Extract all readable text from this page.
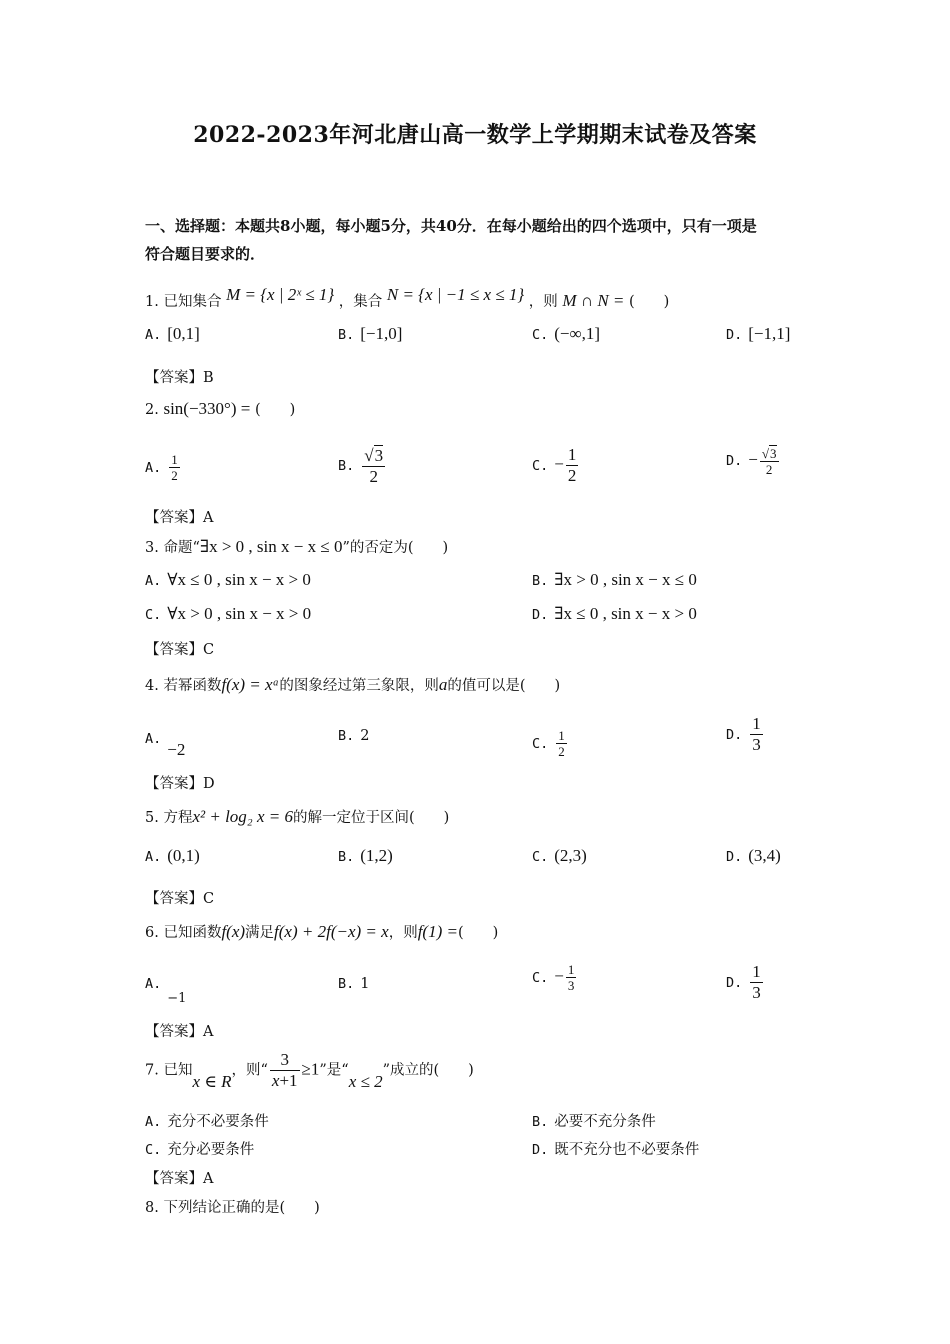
2022-2023年河北唐山高一数学上学期期末试卷及答案
一、选择题：本题共8小题，每小题5分，共40分．在每小题给出的四个选项中，只有一项是
符合题目要求的．
1. 已知集合 M = {x | 2ˣ ≤ 1} ，集合 N = {x | −1 ≤ x ≤ 1} ，则 M ∩ N = (　　)
A. [0,1]	B. [−1,0]	C. (−∞,1]	D. [−1,1]
【答案】B
2. sin(−330°) = (　　)
A. $\frac{1}{2}$	B. $\frac{√3}{2}$	C. − $\frac{1}{2}$	D. − $\frac{√3}{2}$
【答案】A
3. 命题“∃x > 0 , sin x − x ≤ 0”的否定为(　　)
A. ∀x ≤ 0 , sin x − x > 0	B. ∃x > 0 , sin x − x ≤ 0
C. ∀x > 0 , sin x − x > 0	D. ∃x ≤ 0 , sin x − x > 0
【答案】C
4. 若幂函数f(x) = xᵃ的图象经过第三象限，则a的值可以是(　　)
A.−2
B. 2	C. $\frac{1}{2}$	D. $\frac{1}{3}$
【答案】D
5. 方程x² + log₂ x = 6的解一定位于区间(　　)
A. (0,1)	B. (1,2)	C. (2,3)	D. (3,4)
【答案】C
6. 已知函数f(x)满足f(x) + 2f(−x) = x，则f(1) =(　　)
A.−1
B. 1	C. − $\frac{1}{3}$	D. $\frac{1}{3}$
【答案】A
7. 已知x ∈ R，则“ $\frac{3}{x+1} \ge 1$”是“x ≤ 2”成立的(　　)
A. 充分不必要条件	B. 必要不充分条件
C. 充分必要条件	D. 既不充分也不必要条件
【答案】A
8. 下列结论正确的是(　　)
